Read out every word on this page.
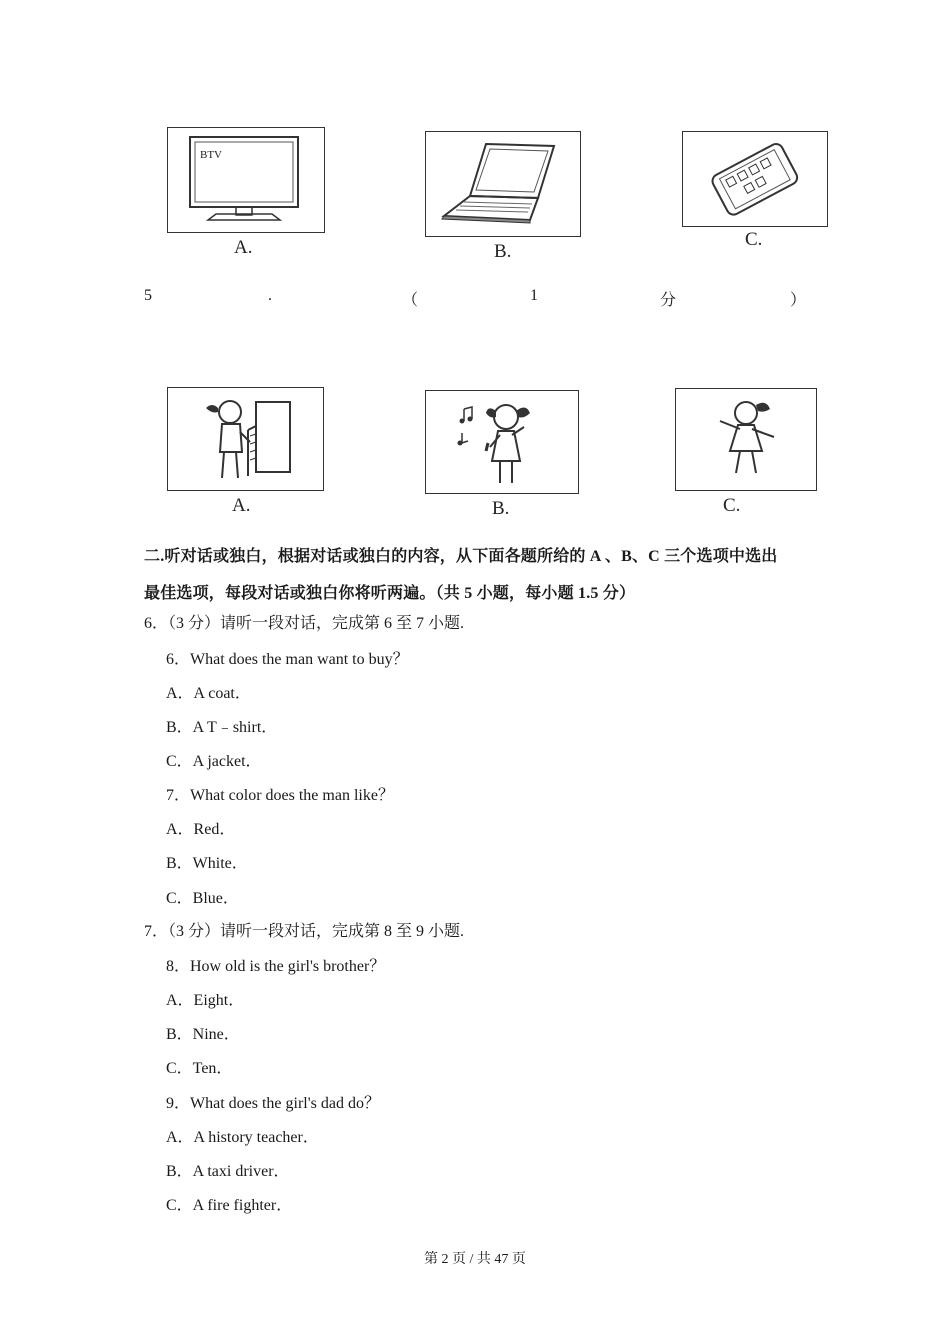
BTV
A.	B.
C.
5	.	（	1	分	）
A.	B.	C.
二.听对话或独白，根据对话或独白的内容，从下面各题所给的 A 、B、C 三个选项中选出
最佳选项，每段对话或独白你将听两遍。（共 5 小题，每小题 1.5 分）
6．（3 分）请听一段对话，完成第 6 至 7 小题.
6．What does the man want to buy？
A．A coat．
B．A T﹣shirt．
C．A jacket．
7．What color does the man like？
A．Red．
B．White．
C．Blue．
7．（3 分）请听一段对话，完成第 8 至 9 小题.
8．How old is the girl's brother？
A．Eight．
B．Nine．
C．Ten．
9．What does the girl's dad do？
A．A history teacher．
B．A taxi driver．
C．A fire fighter．
第 2 页 / 共 47 页
